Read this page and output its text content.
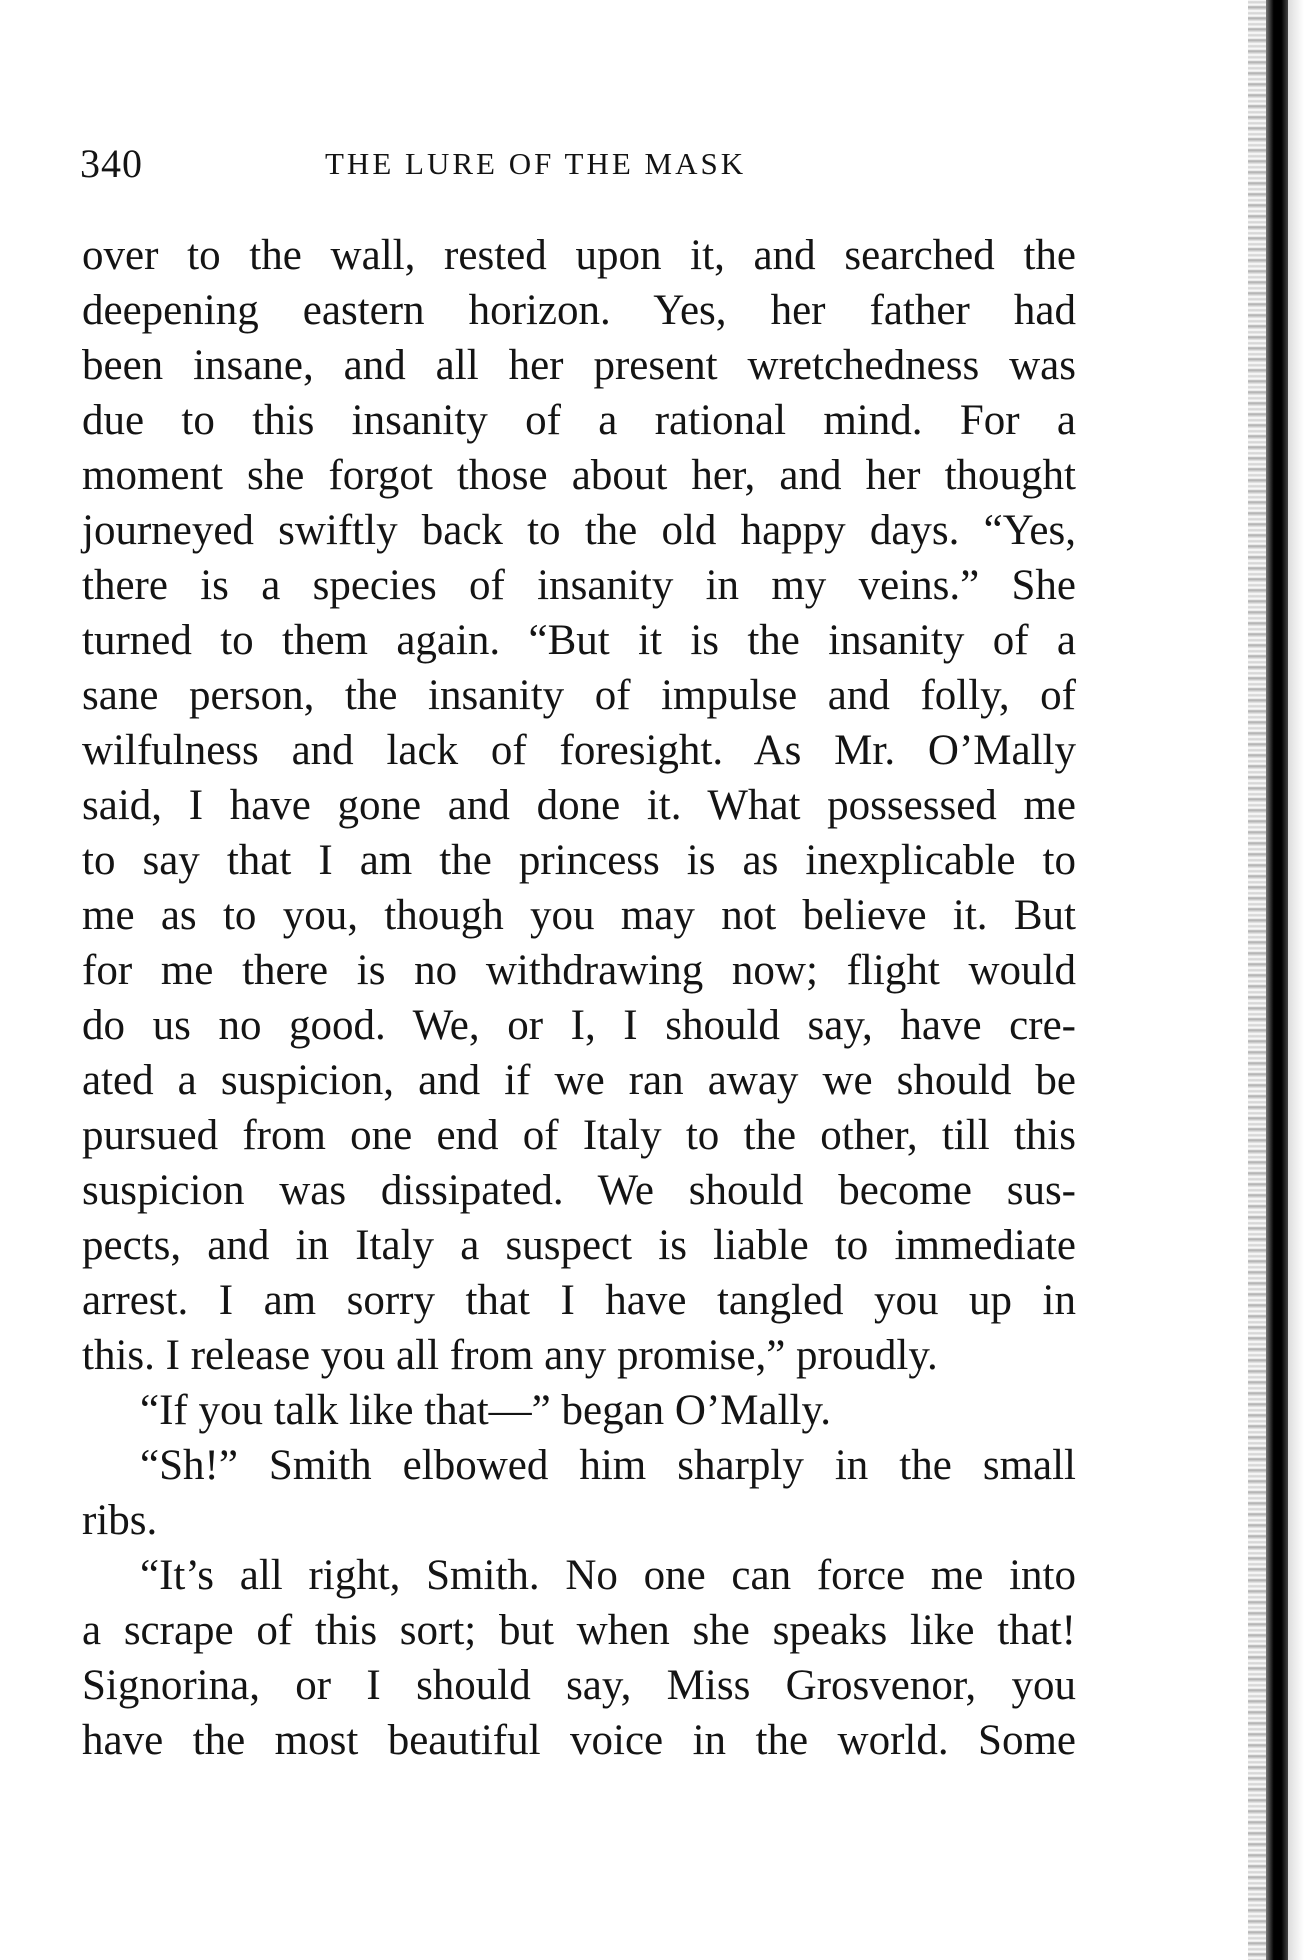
340	THE LURE OF THE MASK
over to the wall, rested upon it, and searched the
deepening eastern horizon. Yes, her father had
been insane, and all her present wretchedness was
due to this insanity of a rational mind. For a
moment she forgot those about her, and her thought
journeyed swiftly back to the old happy days. “Yes,
there is a species of insanity in my veins.” She
turned to them again. “But it is the insanity of a
sane person, the insanity of impulse and folly, of
wilfulness and lack of foresight. As Mr. O’Mally
said, I have gone and done it. What possessed me
to say that I am the princess is as inexplicable to
me as to you, though you may not believe it. But
for me there is no withdrawing now; flight would
do us no good. We, or I, I should say, have cre-
ated a suspicion, and if we ran away we should be
pursued from one end of Italy to the other, till this
suspicion was dissipated. We should become sus-
pects, and in Italy a suspect is liable to immediate
arrest. I am sorry that I have tangled you up in
this. I release you all from any promise,” proudly.
“If you talk like that—” began O’Mally.
“Sh!” Smith elbowed him sharply in the small
ribs.
“It’s all right, Smith. No one can force me into
a scrape of this sort; but when she speaks like that!
Signorina, or I should say, Miss Grosvenor, you
have the most beautiful voice in the world. Some
